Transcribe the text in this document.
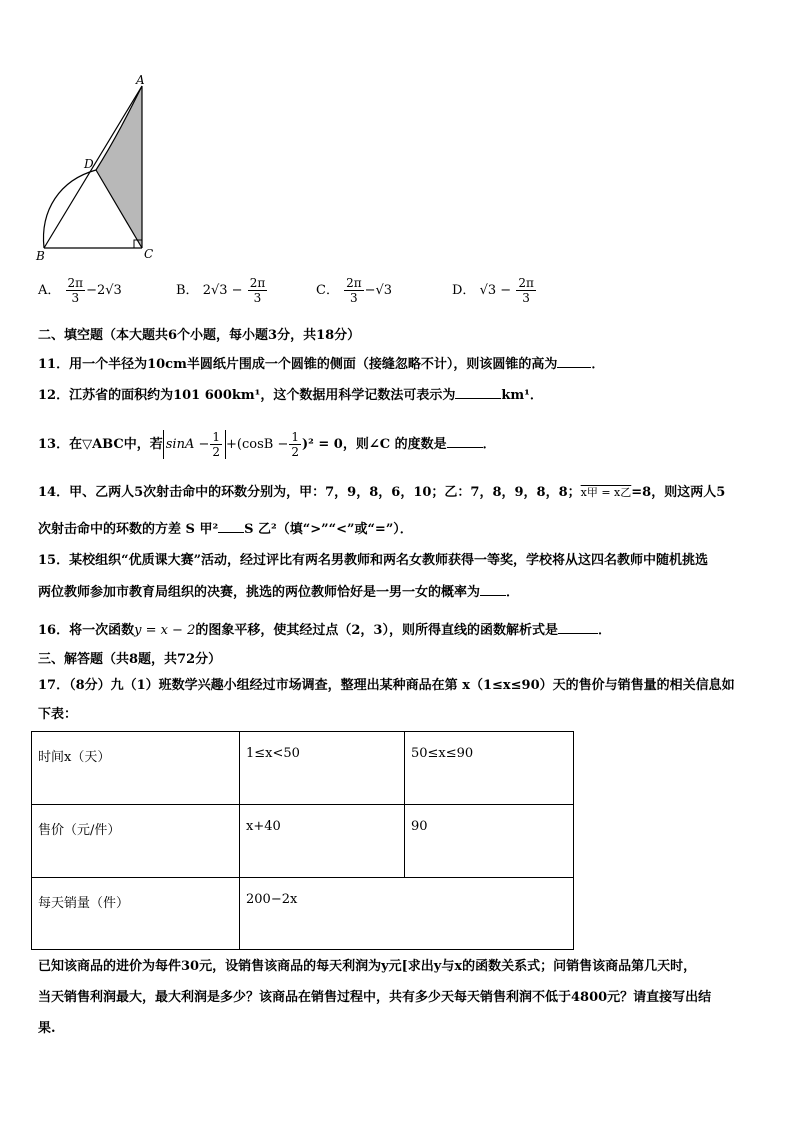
A
D
B	C
A． $\frac{2\pi}{3} -2√3$	B． $2√3 - \frac{2\pi}{3}$	C． $\frac{2\pi}{3} -√3$	D． $√3 - \frac{2\pi}{3}$
二、填空题（本大题共6个小题，每小题3分，共18分）
11．用一个半径为10cm半圆纸片围成一个圆锥的侧面（接缝忽略不计），则该圆锥的高为	．
12．江苏省的面积约为101 600km¹，这个数据用科学记数法可表示为	km¹．
13．在▽ABC中，若 $\sin A - \frac{1}{2} +(\cos B - \frac{1}{2} )^2 = 0$，则∠C 的度数是	．
14．甲、乙两人5次射击命中的环数分别为，甲：7，9，8，6，10；乙：7，8，9，8，8；x甲 = x乙=8，则这两人5
次射击命中的环数的方差 S 甲² S 乙²（填“>”“<”或“=”）．
15．某校组织“优质课大赛”活动，经过评比有两名男教师和两名女教师获得一等奖，学校将从这四名教师中随机挑选
两位教师参加市教育局组织的决赛，挑选的两位教师恰好是一男一女的概率为 ．
16．将一次函数y = x − 2的图象平移，使其经过点（2，3），则所得直线的函数解析式是	．
三、解答题（共8题，共72分）
17．（8分）九（1）班数学兴趣小组经过市场调查，整理出某种商品在第 x（1≤x≤90）天的售价与销售量的相关信息如
下表：
时间x（天）	1≤x<50	50≤x≤90
售价（元/件）	x+40	90
每天销量（件）	200−2x	
已知该商品的进价为每件30元，设销售该商品的每天利润为y元[求出y与x的函数关系式；问销售该商品第几天时，
当天销售利润最大，最大利润是多少？该商品在销售过程中，共有多少天每天销售利润不低于4800元？请直接写出结
果.
